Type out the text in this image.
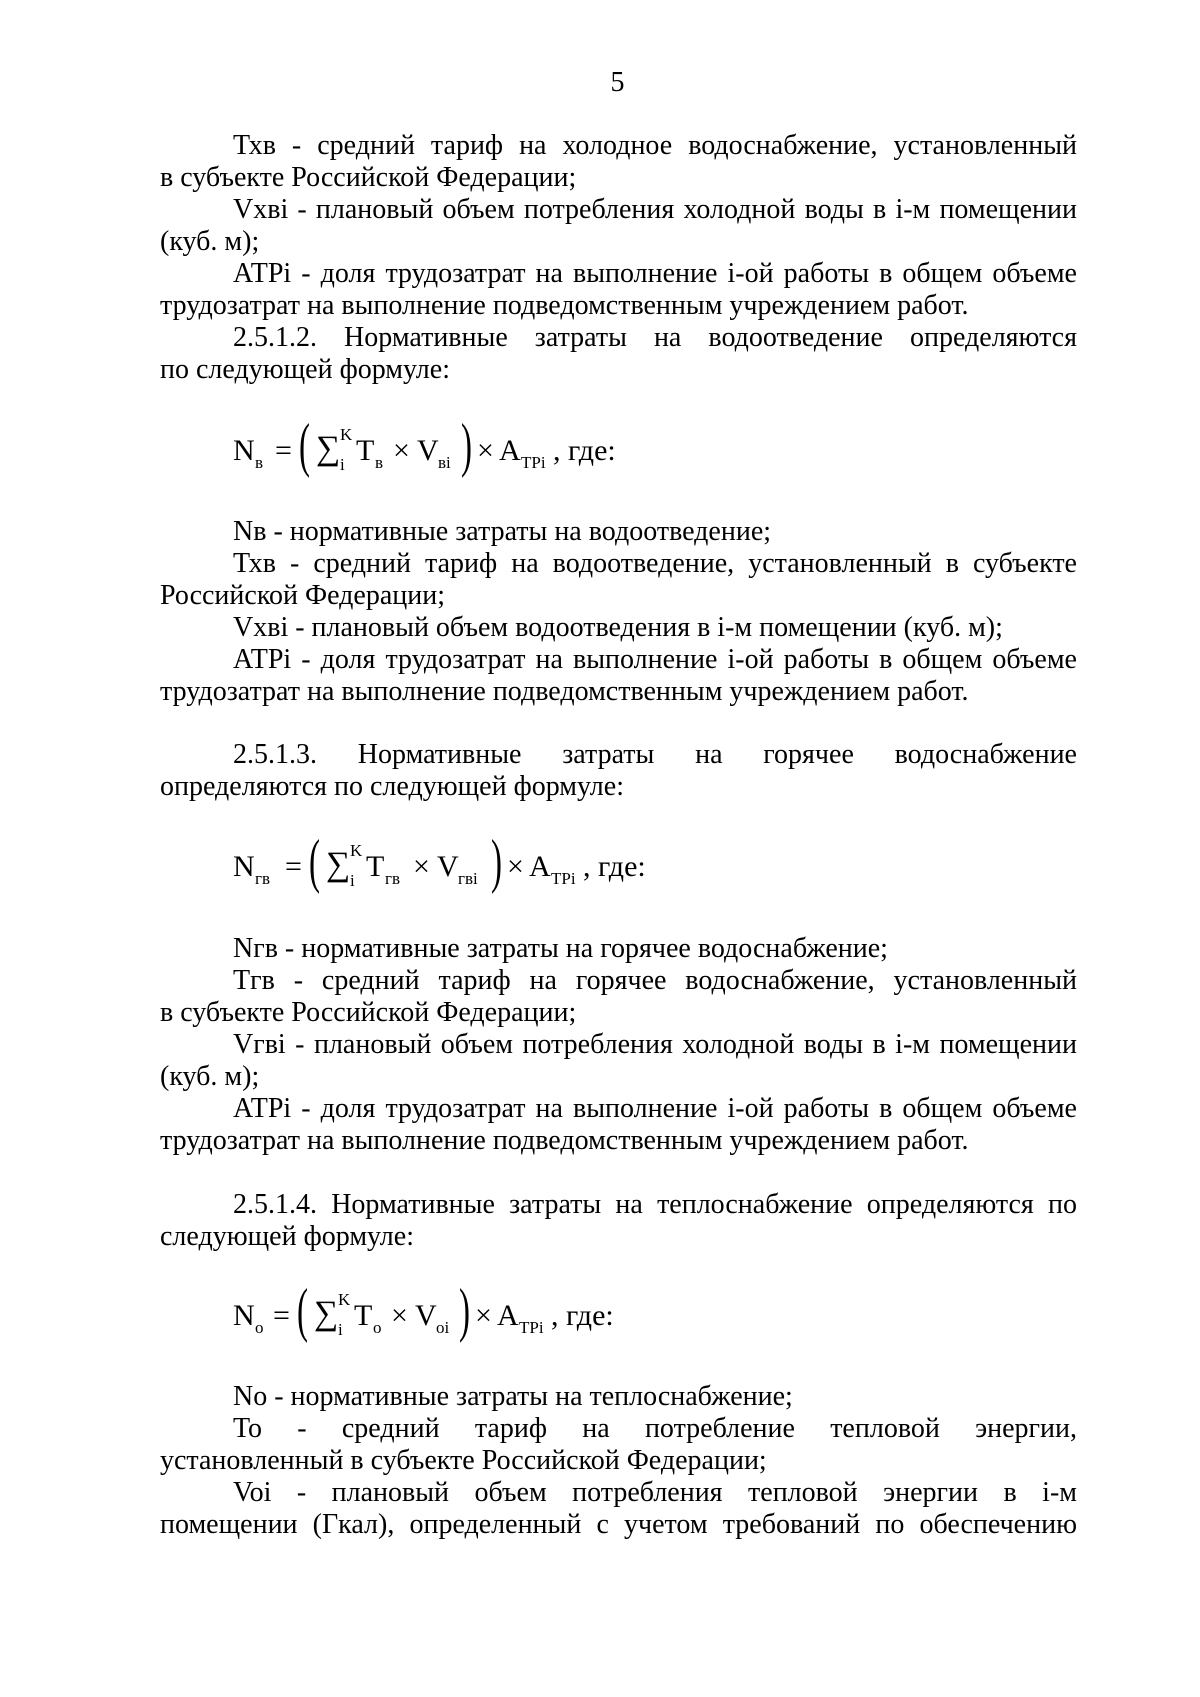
5
Тхв - средний тариф на холодное водоснабжение, установленный
в субъекте Российской Федерации;
Vхвi - плановый объем потребления холодной воды в i-м помещении
(куб. м);
АТРi - доля трудозатрат на выполнение i-ой работы в общем объеме
трудозатрат на выполнение подведомственным учреждением работ.
2.5.1.2. Нормативные затраты на водоотведение определяются
по следующей формуле:
N в = ( ∑ K
i T в × V вi ) × A TPi , где:
Nв - нормативные затраты на водоотведение;
Тхв - средний тариф на водоотведение, установленный в субъекте
Российской Федерации;
Vхвi - плановый объем водоотведения в i-м помещении (куб. м);
АТРi - доля трудозатрат на выполнение i-ой работы в общем объеме
трудозатрат на выполнение подведомственным учреждением работ.
2.5.1.3. Нормативные затраты на горячее водоснабжение
определяются по следующей формуле:
N гв = ( ∑ K
i T гв × V гвi ) × A TPi , где:
Nгв - нормативные затраты на горячее водоснабжение;
Тгв - средний тариф на горячее водоснабжение, установленный
в субъекте Российской Федерации;
Vгвi - плановый объем потребления холодной воды в i-м помещении
(куб. м);
АТРi - доля трудозатрат на выполнение i-ой работы в общем объеме
трудозатрат на выполнение подведомственным учреждением работ.
2.5.1.4. Нормативные затраты на теплоснабжение определяются по
следующей формуле:
N o = ( ∑ K
i T o × V oi ) × A TPi , где:
No - нормативные затраты на теплоснабжение;
То - средний тариф на потребление тепловой энергии,
установленный в субъекте Российской Федерации;
Voi - плановый объем потребления тепловой энергии в i-м
помещении (Гкал), определенный с учетом требований по обеспечению
